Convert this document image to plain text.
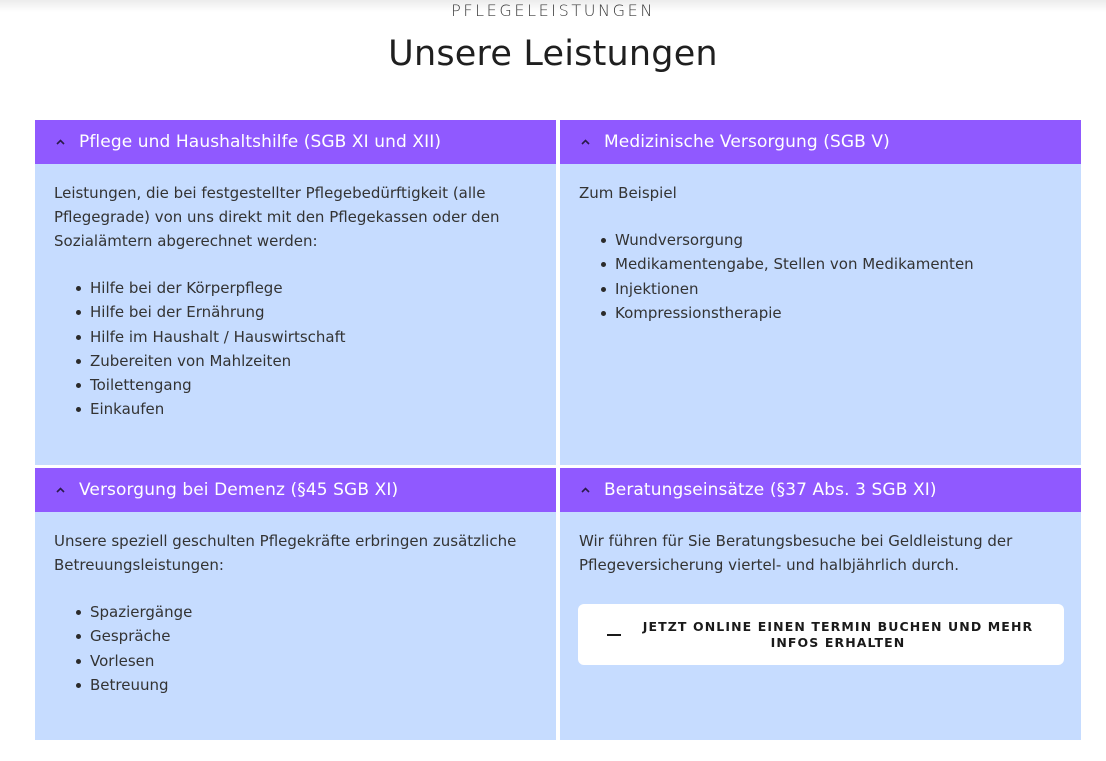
PFLEGELEISTUNGEN
Unsere Leistungen
Pflege und Haushaltshilfe (SGB XI und XII)

Leistungen, die bei festgestellter Pflegebedürftigkeit (alle Pflegegrade) von uns direkt mit den Pflegekassen oder den Sozialämtern abgerechnet werden:

Hilfe bei der Körperpflege
Hilfe bei der Ernährung
Hilfe im Haushalt / Hauswirtschaft
Zubereiten von Mahlzeiten
Toilettengang
Einkaufen
Medizinische Versorgung (SGB V)

Zum Beispiel

Wundversorgung
Medikamentengabe, Stellen von Medikamenten
Injektionen
Kompressionstherapie
Versorgung bei Demenz (§45 SGB XI)

Unsere speziell geschulten Pflegekräfte erbringen zusätzliche Betreuungsleistungen:

Spaziergänge
Gespräche
Vorlesen
Betreuung
Beratungseinsätze (§37 Abs. 3 SGB XI)

Wir führen für Sie Beratungsbesuche bei Geldleistung der Pflegeversicherung viertel- und halbjährlich durch.

JETZT ONLINE EINEN TERMIN BUCHEN UND MEHR INFOS ERHALTEN
